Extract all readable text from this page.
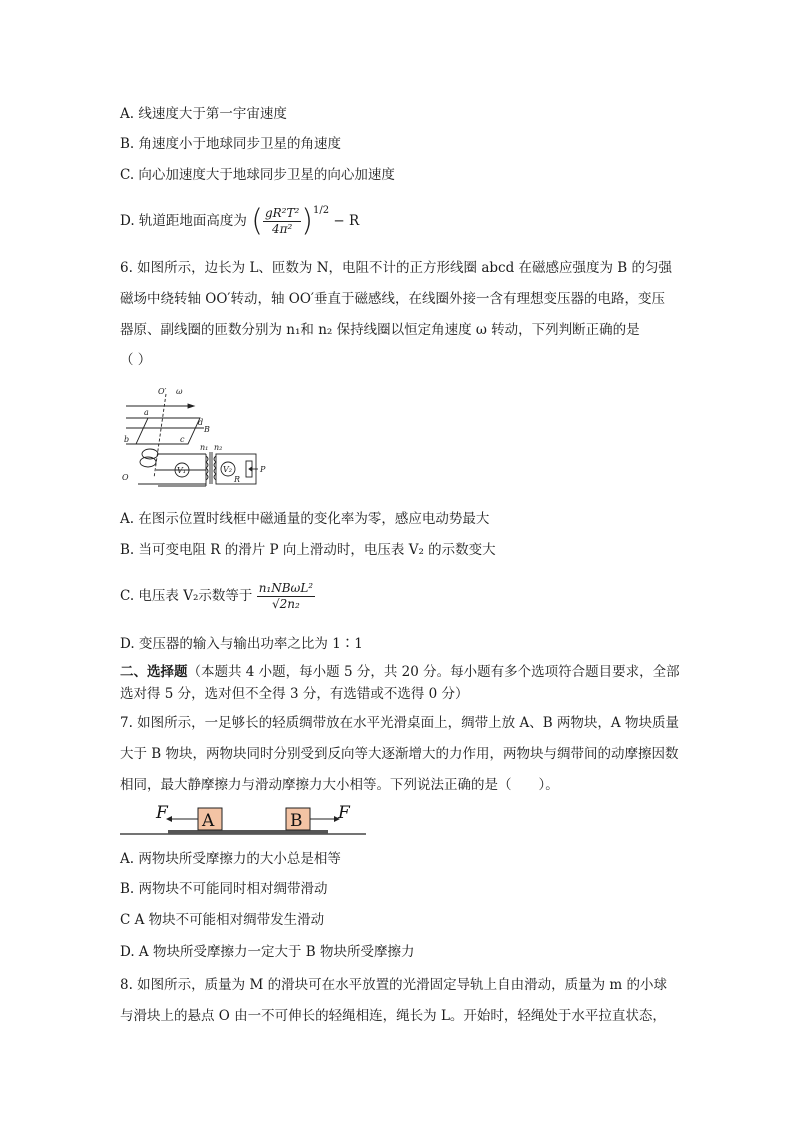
A. 线速度大于第一宇宙速度
B. 角速度小于地球同步卫星的角速度
C. 向心加速度大于地球同步卫星的向心加速度
D. 轨道距地面高度为 ( $\frac{\text{gR²T²}}{\text{4π²}} )^{1/2} - R$
6. 如图所示，边长为 L、匝数为 N，电阻不计的正方形线圈 abcd 在磁感应强度为 B 的匀强
磁场中绕转轴 OO′转动，轴 OO′垂直于磁感线，在线圈外接一含有理想变压器的电路，变压
器原、副线圈的匝数分别为 n₁和 n₂ 保持线圈以恒定角速度 ω 转动，下列判断正确的是
（ ）
O′ ω
a
d
B
b	c
n₁ n₂
V₁	V₂
R
P
O
A. 在图示位置时线框中磁通量的变化率为零，感应电动势最大
B. 当可变电阻 R 的滑片 P 向上滑动时，电压表 V₂ 的示数变大
C. 电压表 V₂示数等于 $\frac{\text{n₁NBωL²}}{\text{√2n₂}}$
D. 变压器的输入与输出功率之比为 1∶1
二、选择题（本题共 4 小题，每小题 5 分，共 20 分。每小题有多个选项符合题目要求，全部选对得 5 分，选对但不全得 3 分，有选错或不选得 0 分）
7. 如图所示，一足够长的轻质绸带放在水平光滑桌面上，绸带上放 A、B 两物块，A 物块质量大于 B 物块，两物块同时分别受到反向等大逐渐增大的力作用，两物块与绸带间的动摩擦因数相同，最大静摩擦力与滑动摩擦力大小相等。下列说法正确的是（　　）。
F A	B F
A. 两物块所受摩擦力的大小总是相等
B. 两物块不可能同时相对绸带滑动
C A 物块不可能相对绸带发生滑动
D. A 物块所受摩擦力一定大于 B 物块所受摩擦力
8. 如图所示，质量为 M 的滑块可在水平放置的光滑固定导轨上自由滑动，质量为 m 的小球
与滑块上的悬点 O 由一不可伸长的轻绳相连，绳长为 L。开始时，轻绳处于水平拉直状态，
